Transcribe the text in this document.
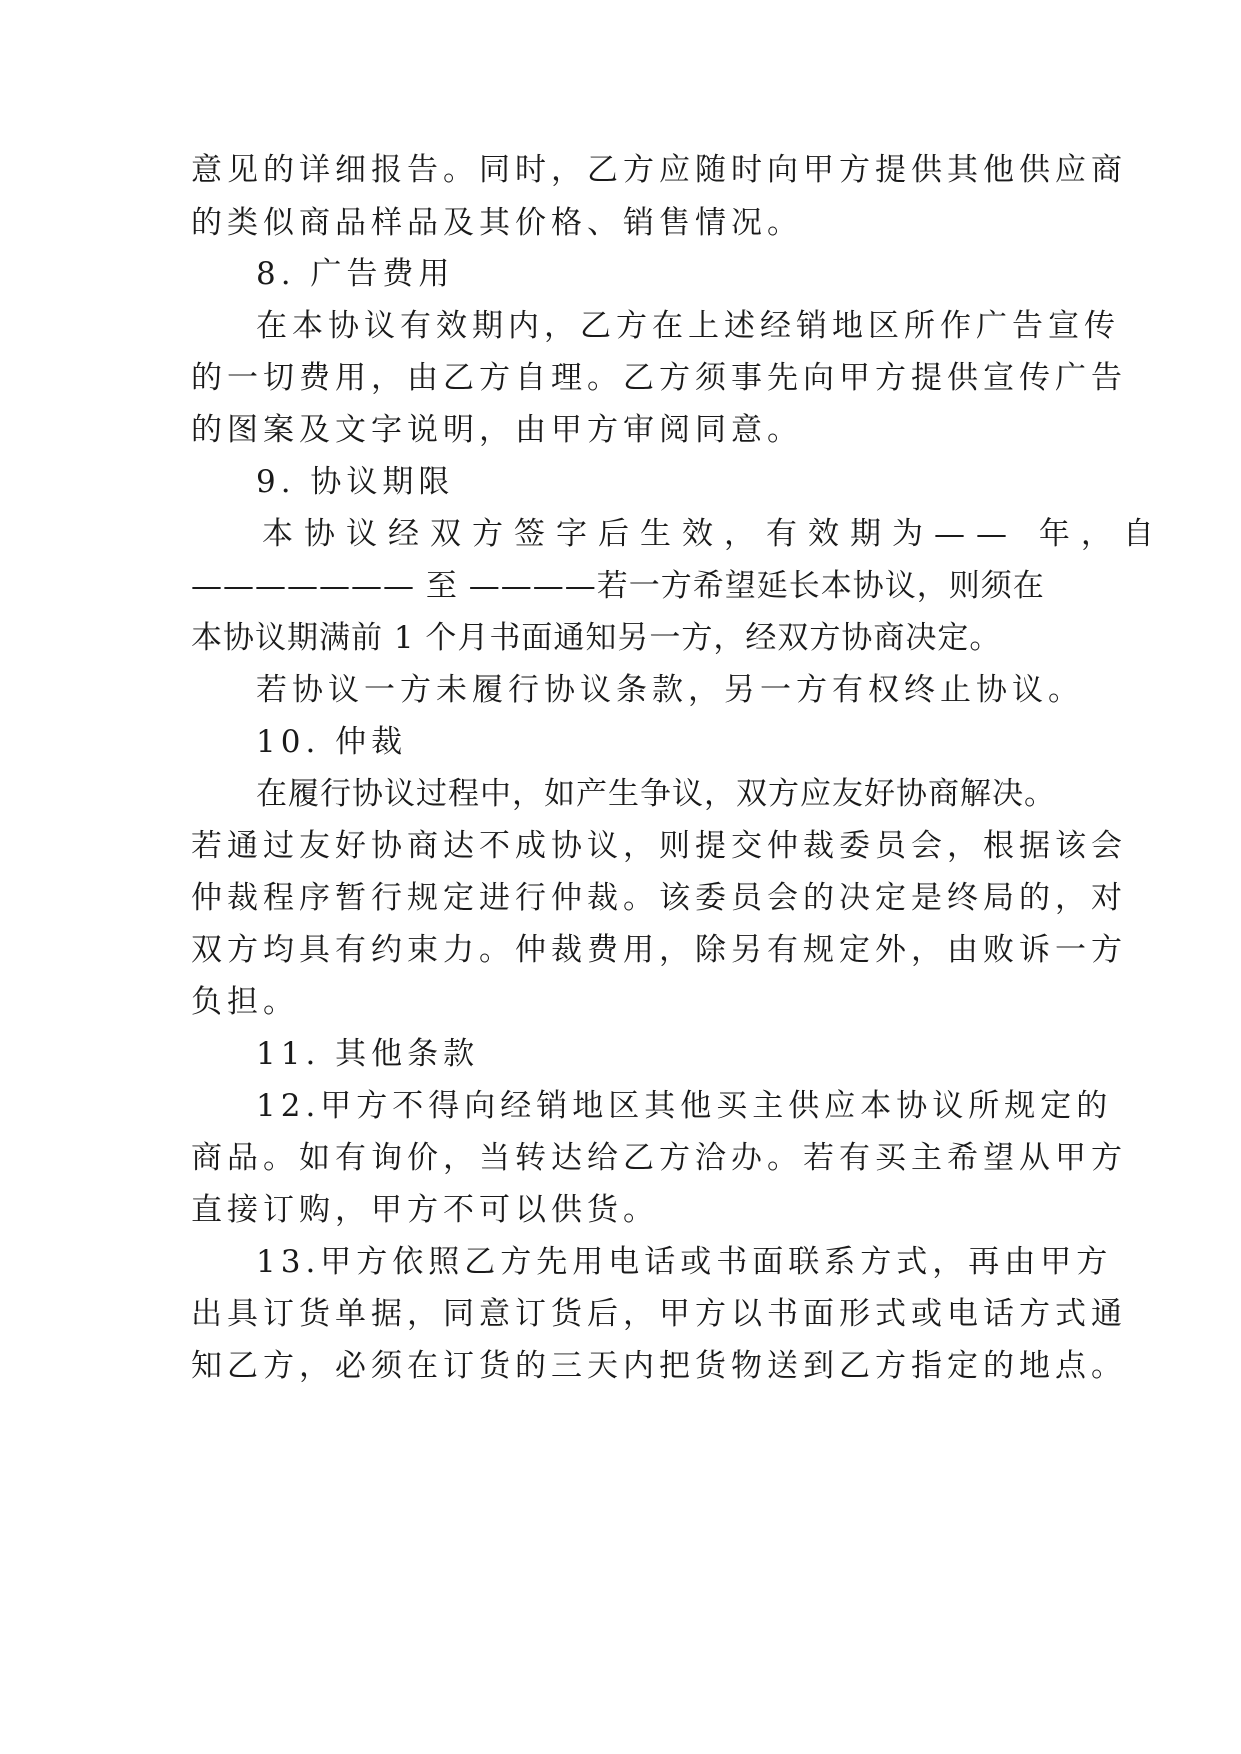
意见的详细报告。同时，乙方应随时向甲方提供其他供应商
的类似商品样品及其价格、销售情况。
8. 广告费用
在本协议有效期内，乙方在上述经销地区所作广告宣传
的一切费用，由乙方自理。乙方须事先向甲方提供宣传广告
的图案及文字说明，由甲方审阅同意。
9. 协议期限
本协议经双方签字后生效，有效期为—— 年，自
——————— 至 ————若一方希望延长本协议，则须在
本协议期满前 1 个月书面通知另一方，经双方协商决定。
若协议一方未履行协议条款，另一方有权终止协议。
10. 仲裁
在履行协议过程中，如产生争议，双方应友好协商解决。
若通过友好协商达不成协议，则提交仲裁委员会，根据该会
仲裁程序暂行规定进行仲裁。该委员会的决定是终局的，对
双方均具有约束力。仲裁费用，除另有规定外，由败诉一方
负担。
11. 其他条款
12.甲方不得向经销地区其他买主供应本协议所规定的
商品。如有询价，当转达给乙方洽办。若有买主希望从甲方
直接订购，甲方不可以供货。
13.甲方依照乙方先用电话或书面联系方式，再由甲方
出具订货单据，同意订货后，甲方以书面形式或电话方式通
知乙方，必须在订货的三天内把货物送到乙方指定的地点。
